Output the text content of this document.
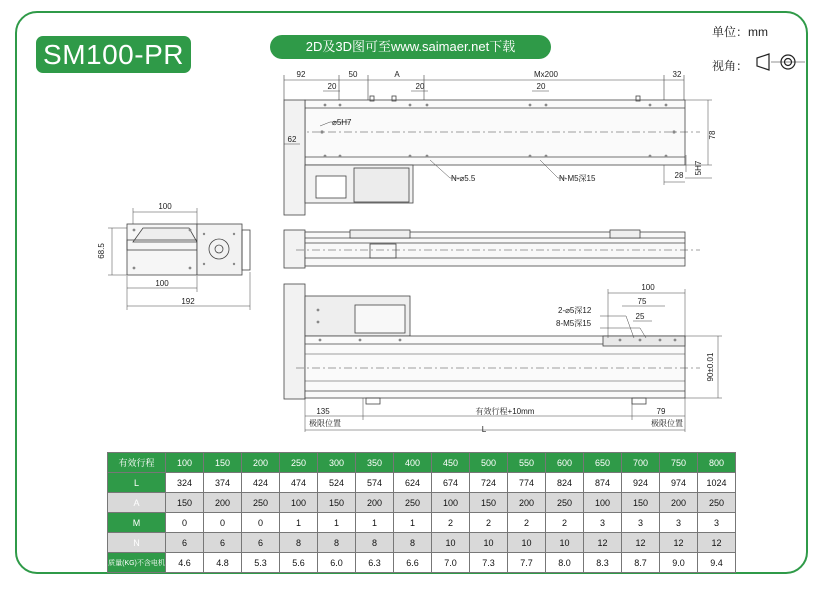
SM100-PR	2D及3D图可至www.saimaer.net下载
单位：mm
视角：
92	50	A	Mx200	32
20	20	20
62
⌀5H7
N-⌀5.5	N-M5深15	28
78
5H7
100
68.5
100
192
100
75
25
2-⌀5深12
8-M5深15
90±0.01
135	有效行程+10mm	79
极限位置	极限位置
L
有效行程	100	150	200	250	300	350	400	450	500	550	600	650	700	750	800
L	324	374	424	474	524	574	624	674	724	774	824	874	924	974	1024
A	150	200	250	100	150	200	250	100	150	200	250	100	150	200	250
M	0	0	0	1	1	1	1	2	2	2	2	3	3	3	3
N	6	6	6	8	8	8	8	10	10	10	10	12	12	12	12
质量(KG)不含电机	4.6	4.8	5.3	5.6	6.0	6.3	6.6	7.0	7.3	7.7	8.0	8.3	8.7	9.0	9.4
